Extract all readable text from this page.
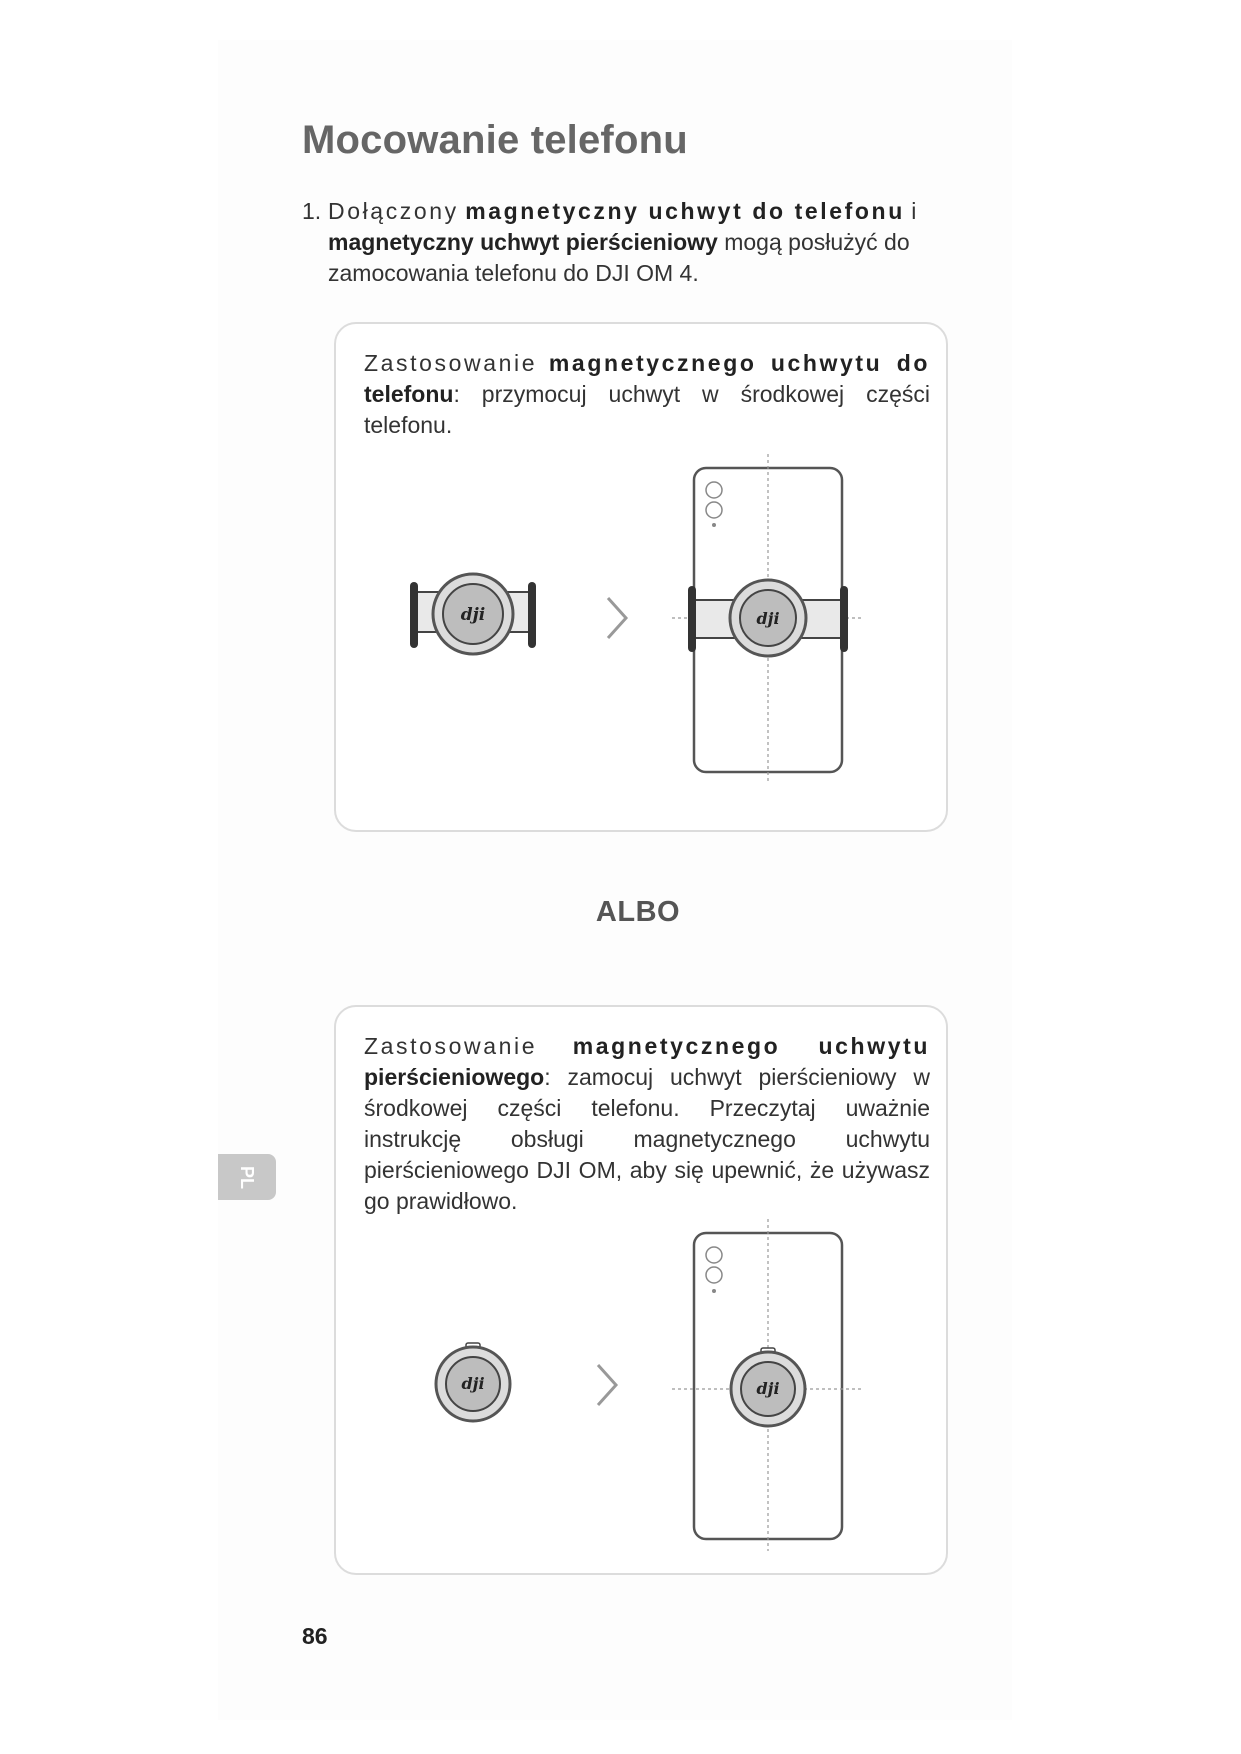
Mocowanie telefonu
1. Dołączony magnetyczny uchwyt do telefonu i
magnetyczny uchwyt pierścieniowy mogą posłużyć do
zamocowania telefonu do DJI OM 4.
Zastosowanie magnetycznego uchwytu do telefonu: przymocuj uchwyt w środkowej części telefonu.
dji	dji
ALBO
Zastosowanie magnetycznego uchwytu pierścieniowego: zamocuj uchwyt pierścieniowy w środkowej części telefonu. Przeczytaj uważnie instrukcję obsługi magnetycznego uchwytu pierścieniowego DJI OM, aby się upewnić, że używasz go prawidłowo.
dji	dji
PL
86
